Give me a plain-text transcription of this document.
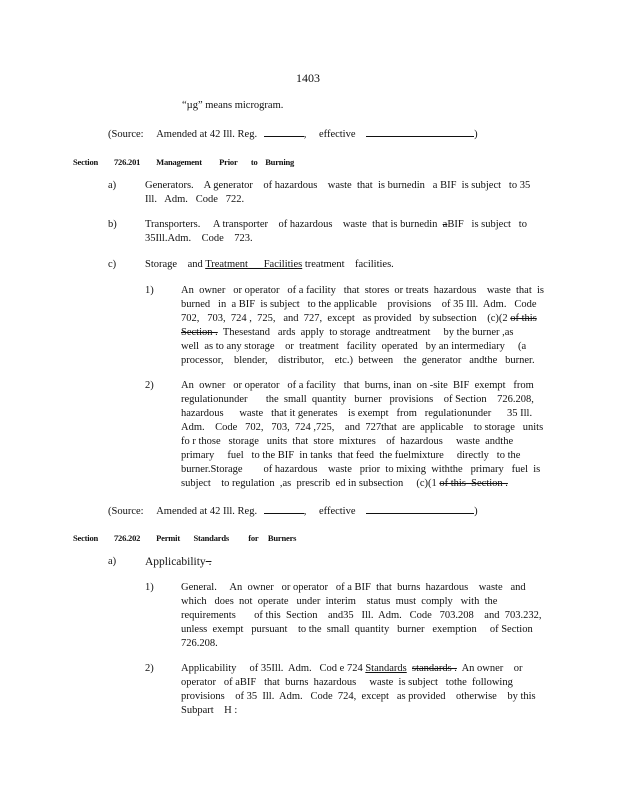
1403
“µg” means microgram.
(Source: Amended at 42 Ill. Reg.	, effective	)
Section 726.201 Management         Prior       to    Burning
a)	Generators.    A generator    of hazardous    waste  that  is burnedin   a BIF  is subject   to 35
Ill.   Adm.   Code   722.
b)	Transporters.     A transporter    of hazardous    waste  that is burnedin  aBIF   is subject   to
35Ill.Adm.    Code    723.
c)	Storage    and Treatment      Facilities treatment facilities.
1)	An  owner   or operator   of a facility   that  stores  or treats  hazardous    waste  that  is
burned   in  a BIF  is subject   to the applicable    provisions    of 35 Ill.  Adm.   Code
702,   703,  724 ,  725,   and  727,  except   as provided   by subsection    (c)(2 of this
Section . Thesestand   ards  apply  to storage  andtreatment     by the burner ,as
well  as to any storage    or  treatment   facility  operated   by an intermediary     (a
processor,    blender,    distributor,    etc.)  between    the  generator   andthe   burner.
2)	An  owner   or operator   of a facility   that  burns, inan  on -site  BIF  exempt   from
regulationunder       the  small  quantity   burner   provisions    of Section    726.208,
hazardous      waste   that it generates    is exempt   from   regulationunder      35 Ill.
Adm.    Code   702,   703,  724 ,725,    and  727that  are  applicable    to storage   units
fo r those   storage   units  that  store  mixtures    of  hazardous     waste  andthe
primary     fuel   to the BIF  in tanks  that feed  the fuelmixture     directly   to the
burner.Storage        of hazardous    waste   prior  to mixing  withthe   primary   fuel  is
subject    to regulation  ,as  prescrib  ed in subsection     (c)(1 of this  Section .
(Source: Amended at 42 Ill. Reg.	, effective	)
Section 726.202 Permit       Standards          for     Burners
a)	Applicability .
1)	General.     An  owner   or operator   of a BIF  that  burns  hazardous    waste   and
which   does  not  operate   under  interim    status  must  comply   with  the
requirements       of this  Section    and35   Ill.  Adm.   Code   703.208    and  703.232,
unless  exempt   pursuant    to the  small  quantity   burner   exemption     of Section
726.208.
2)	Applicability     of 35Ill.  Adm.   Cod e 724 Standards standards .  An owner    or
operator   of aBIF   that  burns  hazardous     waste  is subject   tothe  following
provisions    of 35  Ill.  Adm.   Code  724,  except   as provided    otherwise    by this
Subpart    H :
